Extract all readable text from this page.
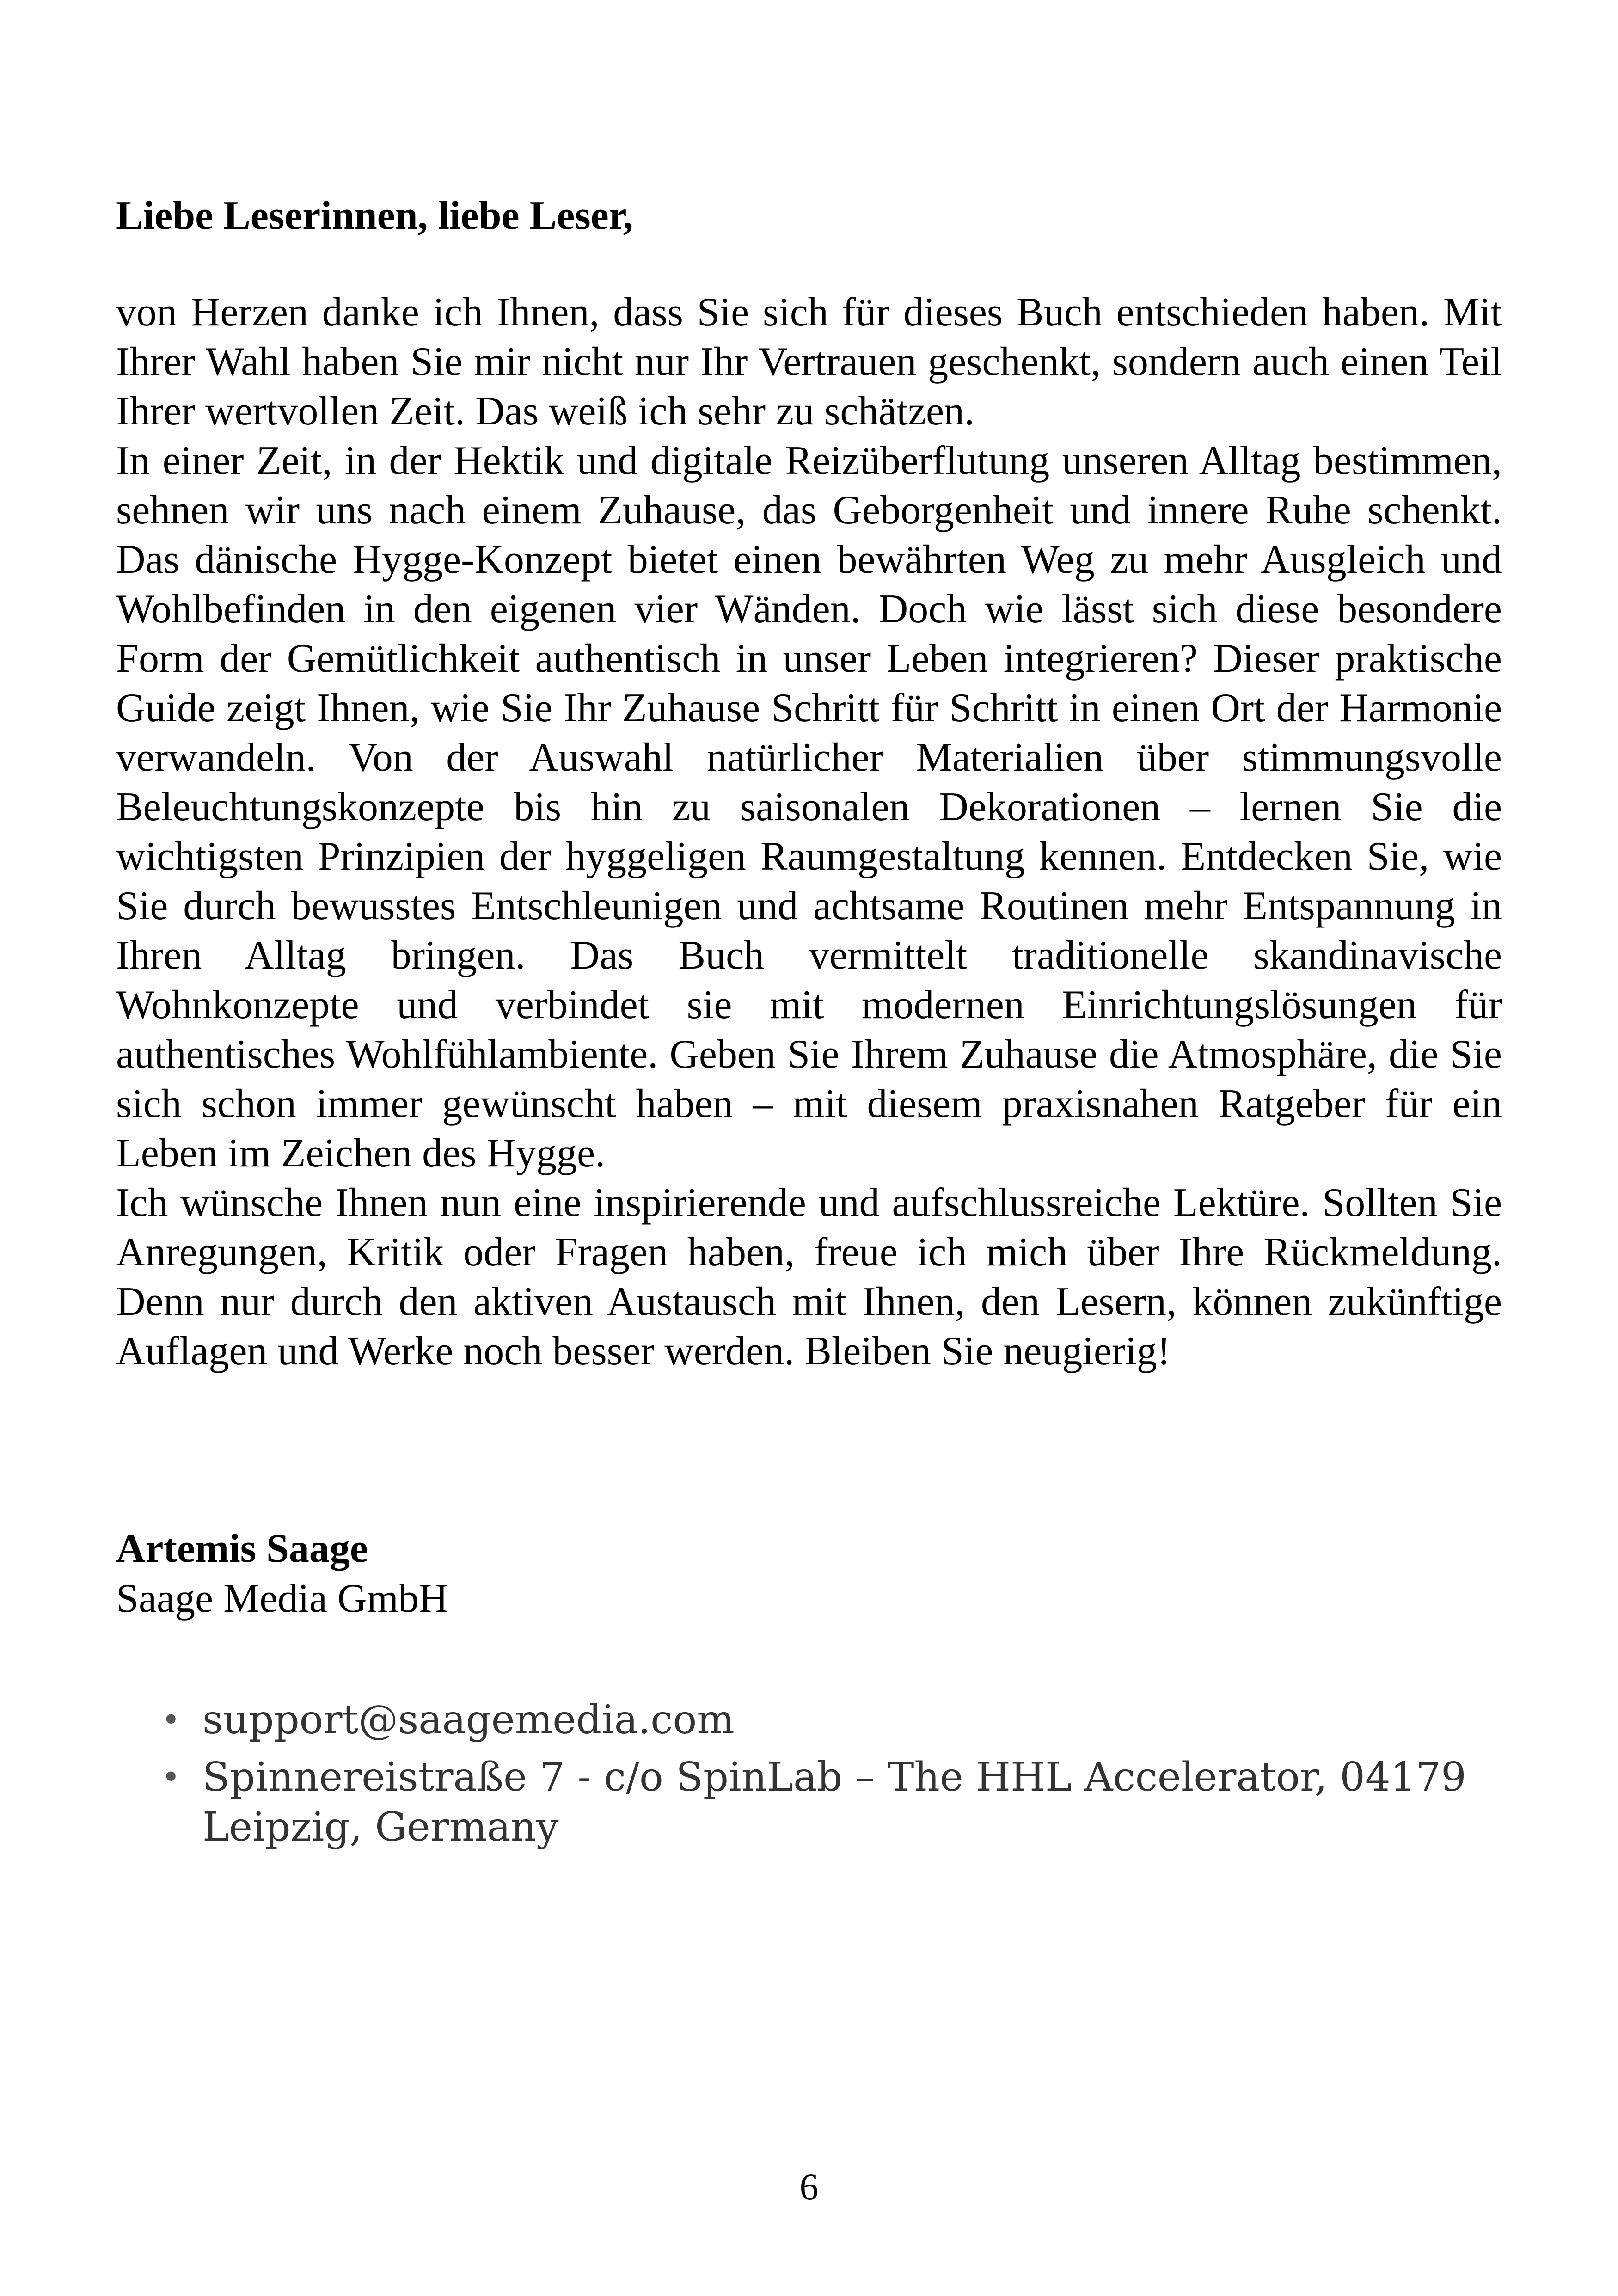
Liebe Leserinnen, liebe Leser,

von Herzen danke ich Ihnen, dass Sie sich für dieses Buch entschieden haben. Mit Ihrer Wahl haben Sie mir nicht nur Ihr Vertrauen geschenkt, sondern auch einen Teil Ihrer wertvollen Zeit. Das weiß ich sehr zu schätzen.

In einer Zeit, in der Hektik und digitale Reizüberflutung unseren Alltag bestimmen, sehnen wir uns nach einem Zuhause, das Geborgenheit und innere Ruhe schenkt. Das dänische Hygge-Konzept bietet einen bewährten Weg zu mehr Ausgleich und Wohlbefinden in den eigenen vier Wänden. Doch wie lässt sich diese besondere Form der Gemütlichkeit authentisch in unser Leben integrieren? Dieser praktische Guide zeigt Ihnen, wie Sie Ihr Zuhause Schritt für Schritt in einen Ort der Harmonie verwandeln. Von der Auswahl natürlicher Materialien über stimmungsvolle Beleuchtungskonzepte bis hin zu saisonalen Dekorationen – lernen Sie die wichtigsten Prinzipien der hyggeligen Raumgestaltung kennen. Entdecken Sie, wie Sie durch bewusstes Entschleunigen und achtsame Routinen mehr Entspannung in Ihren Alltag bringen. Das Buch vermittelt traditionelle skandinavische Wohnkonzepte und verbindet sie mit modernen Einrichtungslösungen für authentisches Wohlfühlambiente. Geben Sie Ihrem Zuhause die Atmosphäre, die Sie sich schon immer gewünscht haben – mit diesem praxisnahen Ratgeber für ein Leben im Zeichen des Hygge.

Ich wünsche Ihnen nun eine inspirierende und aufschlussreiche Lektüre. Sollten Sie Anregungen, Kritik oder Fragen haben, freue ich mich über Ihre Rückmeldung. Denn nur durch den aktiven Austausch mit Ihnen, den Lesern, können zukünftige Auflagen und Werke noch besser werden. Bleiben Sie neugierig!

Artemis Saage
Saage Media GmbH
• support@saagemedia.com
• Spinnereistraße 7 - c/o SpinLab – The HHL Accelerator, 04179 Leipzig, Germany
6
